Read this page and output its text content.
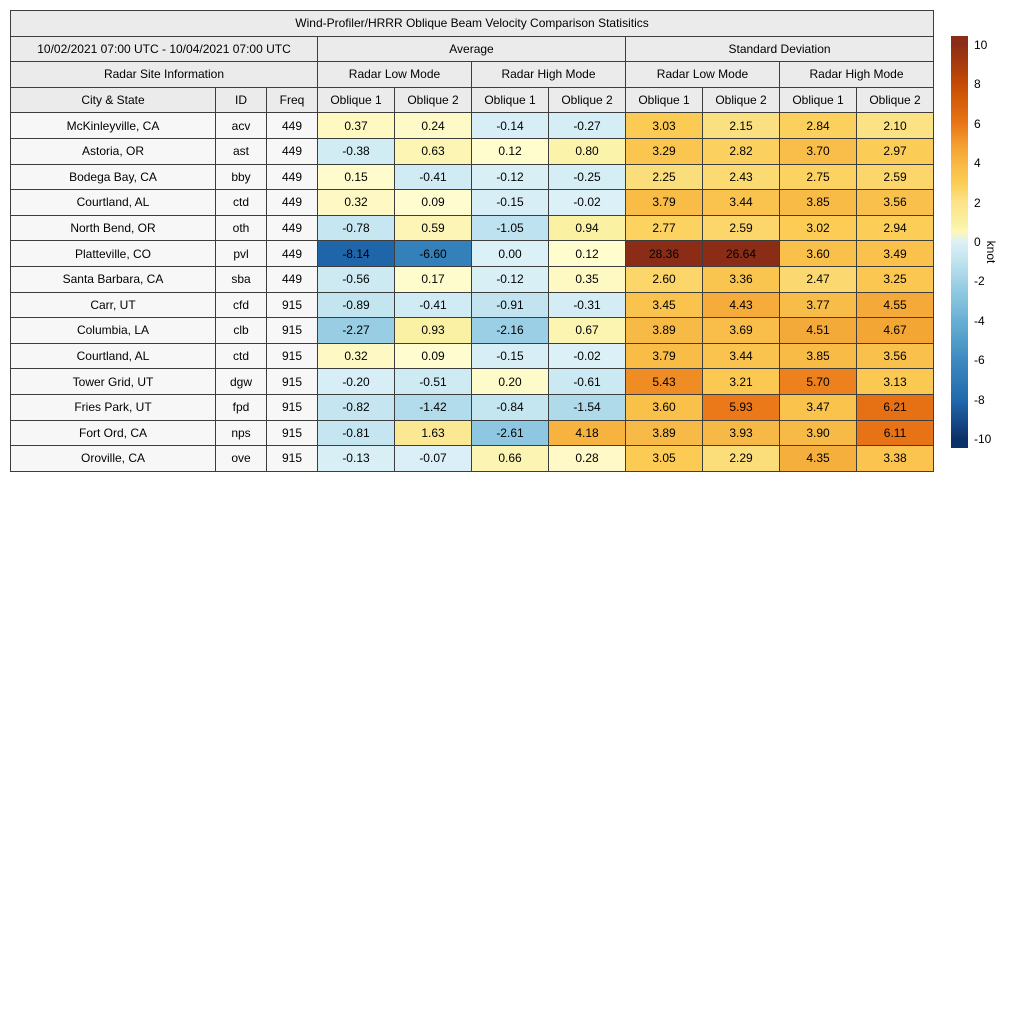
Wind-Profiler/HRRR Oblique Beam Velocity Comparison Statisitics										
10/02/2021 07:00 UTC - 10/04/2021 07:00 UTC			Average				Standard Deviation			
Radar Site Information			Radar Low Mode		Radar High Mode		Radar Low Mode		Radar High Mode	
City & State	ID	Freq	Oblique 1	Oblique 2	Oblique 1	Oblique 2	Oblique 1	Oblique 2	Oblique 1	Oblique 2
McKinleyville, CA	acv	449	0.37	0.24	-0.14	-0.27	3.03	2.15	2.84	2.10
Astoria, OR	ast	449	-0.38	0.63	0.12	0.80	3.29	2.82	3.70	2.97
Bodega Bay, CA	bby	449	0.15	-0.41	-0.12	-0.25	2.25	2.43	2.75	2.59
Courtland, AL	ctd	449	0.32	0.09	-0.15	-0.02	3.79	3.44	3.85	3.56
North Bend, OR	oth	449	-0.78	0.59	-1.05	0.94	2.77	2.59	3.02	2.94
Platteville, CO	pvl	449	-8.14	-6.60	0.00	0.12	28.36	26.64	3.60	3.49
Santa Barbara, CA	sba	449	-0.56	0.17	-0.12	0.35	2.60	3.36	2.47	3.25
Carr, UT	cfd	915	-0.89	-0.41	-0.91	-0.31	3.45	4.43	3.77	4.55
Columbia, LA	clb	915	-2.27	0.93	-2.16	0.67	3.89	3.69	4.51	4.67
Courtland, AL	ctd	915	0.32	0.09	-0.15	-0.02	3.79	3.44	3.85	3.56
Tower Grid, UT	dgw	915	-0.20	-0.51	0.20	-0.61	5.43	3.21	5.70	3.13
Fries Park, UT	fpd	915	-0.82	-1.42	-0.84	-1.54	3.60	5.93	3.47	6.21
Fort Ord, CA	nps	915	-0.81	1.63	-2.61	4.18	3.89	3.93	3.90	6.11
Oroville, CA	ove	915	-0.13	-0.07	0.66	0.28	3.05	2.29	4.35	3.38
10
8
6
4
2
0
-2
-4
-6
-8
-10
knot
